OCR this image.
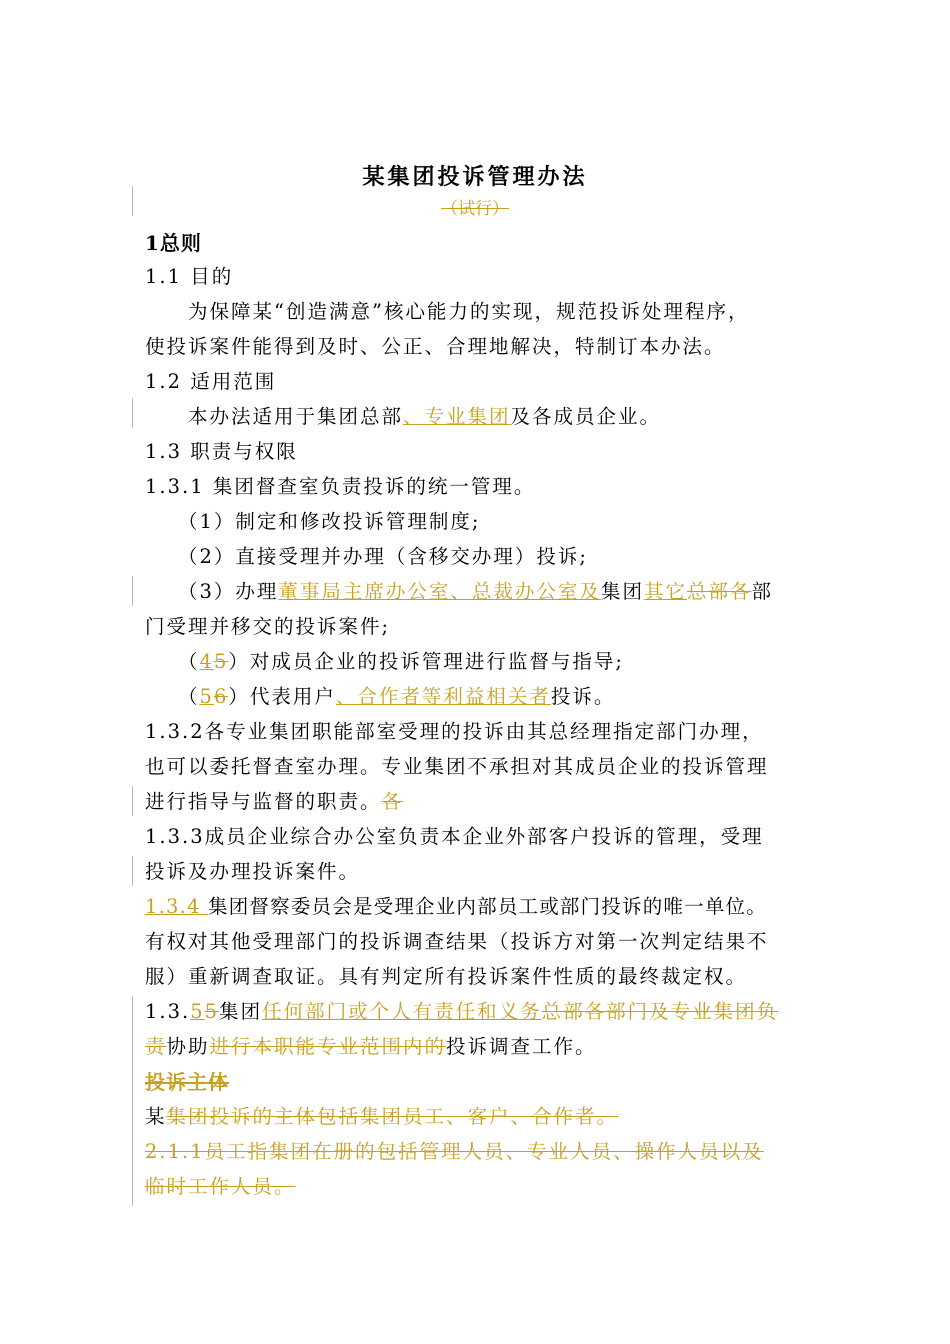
某集团投诉管理办法
（试行）
1总则
1.1 目的
为保障某“创造满意”核心能力的实现，规范投诉处理程序，
使投诉案件能得到及时、公正、合理地解决，特制订本办法。
1.2 适用范围
本办法适用于集团总部、专业集团及各成员企业。
1.3 职责与权限
1.3.1 集团督查室负责投诉的统一管理。
（1）制定和修改投诉管理制度;
（2）直接受理并办理（含移交办理）投诉;
（3）办理董事局主席办公室、总裁办公室及集团其它总部各部
门受理并移交的投诉案件;
（45）对成员企业的投诉管理进行监督与指导;
（56）代表用户、合作者等利益相关者投诉。
1.3.2各专业集团职能部室受理的投诉由其总经理指定部门办理，
也可以委托督查室办理。专业集团不承担对其成员企业的投诉管理
进行指导与监督的职责。各
1.3.3成员企业综合办公室负责本企业外部客户投诉的管理，受理
投诉及办理投诉案件。
1.3.4 集团督察委员会是受理企业内部员工或部门投诉的唯一单位。
有权对其他受理部门的投诉调查结果（投诉方对第一次判定结果不
服）重新调查取证。具有判定所有投诉案件性质的最终裁定权。
1.3.55集团任何部门或个人有责任和义务总部各部门及专业集团负
责协助进行本职能专业范围内的投诉调查工作。
投诉主体
某集团投诉的主体包括集团员工、客户、合作者。
2.1.1员工指集团在册的包括管理人员、专业人员、操作人员以及
临时工作人员。
